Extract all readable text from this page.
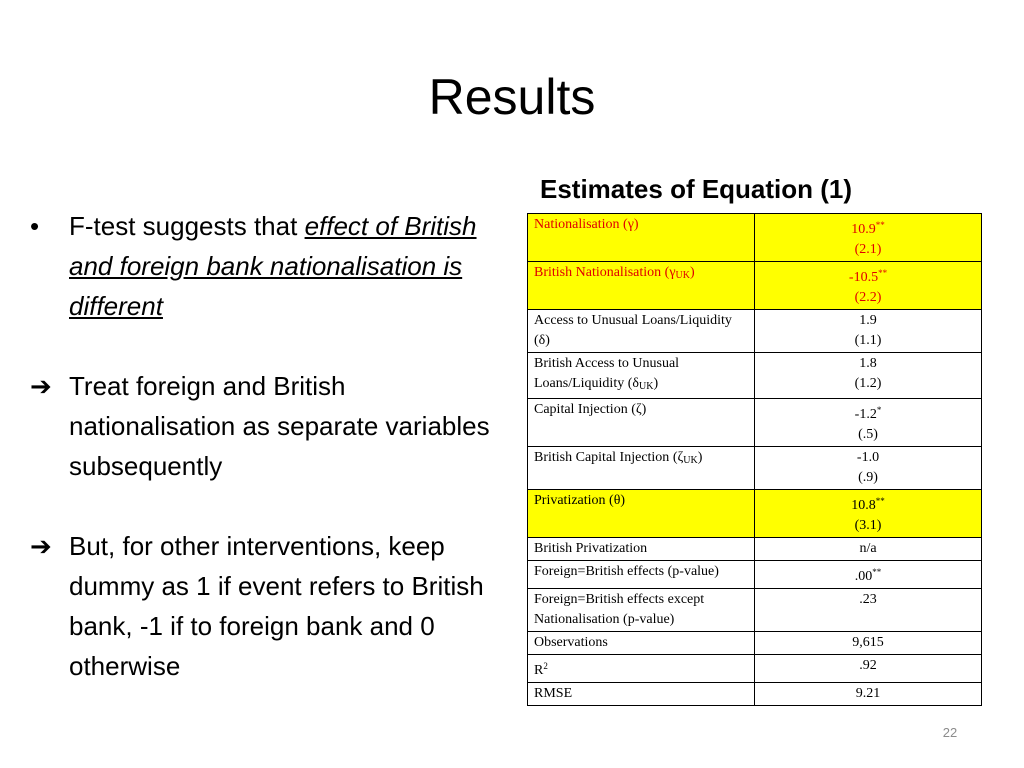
Results
•	F-test suggests that effect of British and foreign bank nationalisation is different
➔ Treat foreign and British nationalisation as separate variables subsequently
➔ But, for other interventions, keep dummy as 1 if event refers to British bank, -1 if to foreign bank and 0 otherwise
Estimates of Equation (1)
Nationalisation (γ)	10.9**
(2.1)
British Nationalisation $(\gamma_{UK})$	-10.5**
(2.2)
Access to Unusual Loans/Liquidity (δ)	1.9
(1.1)
British Access to Unusual Loans/Liquidity $(\delta_{UK})$	1.8
(1.2)
Capital Injection (ζ)	-1.2*
(.5)
British Capital Injection $(\zeta_{UK})$	-1.0
(.9)
Privatization (θ)	10.8**
(3.1)
British Privatization	n/a
Foreign=British effects (p-value)	.00**
Foreign=British effects except Nationalisation (p-value)	.23
Observations	9,615
$R^2$	.92
RMSE	9.21
22
